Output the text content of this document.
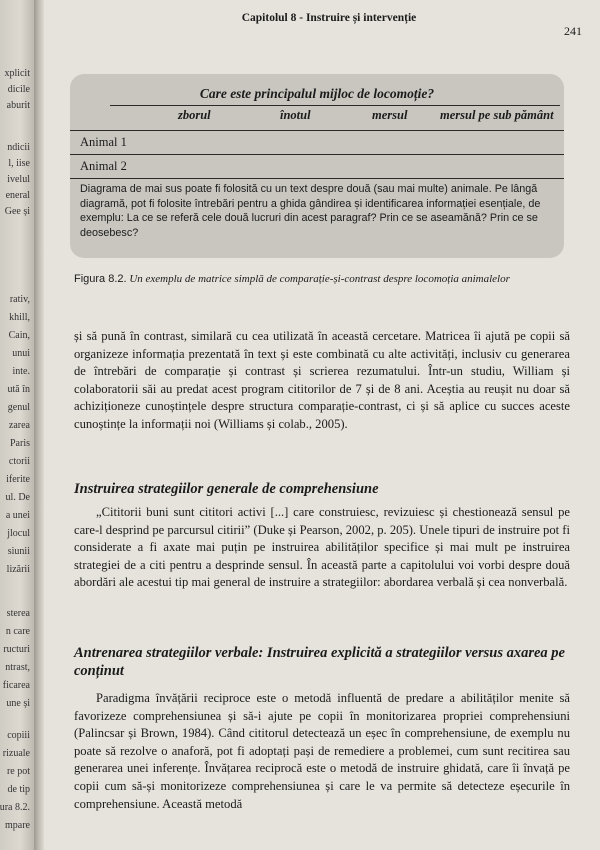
xplicit
dicile
aburit
ndicii
l, iise
ivelul
eneral
Gee și
rativ,
khill,
Cain,
unui
inte.
ută în
genul
zarea
Paris
ctorii
iferite
ul. De
a unei
jlocul
siunii
lizării
sterea
n care
ructuri
ntrast,
ficarea
une și
copiii
rizuale
re pot
de tip
ura 8.2.
mpare
Capitolul 8 - Instruire și intervenție
241
Care este principalul mijloc de locomoție?
zborul	înotul	mersul	mersul pe sub pământ
Animal 1
Animal 2
Diagrama de mai sus poate fi folosită cu un text despre două (sau mai multe) animale. Pe lângă diagramă, pot fi folosite întrebări pentru a ghida gândirea și identificarea informației esențiale, de exemplu: La ce se referă cele două lucruri din acest paragraf? Prin ce se aseamănă? Prin ce se deosebesc?
Figura 8.2. Un exemplu de matrice simplă de comparație-și-contrast despre locomoția animalelor
și să pună în contrast, similară cu cea utilizată în această cercetare. Matricea îi ajută pe copii să organizeze informația prezentată în text și este combinată cu alte activități, inclusiv cu generarea de întrebări de comparație și contrast și scrierea rezumatului. Într-un studiu, William și colaboratorii săi au predat acest program cititorilor de 7 și de 8 ani. Aceștia au reușit nu doar să achiziționeze cunoștințele despre structura comparație-contrast, ci și să aplice cu succes aceste cunoștințe la informații noi (Williams și colab., 2005).
Instruirea strategiilor generale de comprehensiune
„Cititorii buni sunt cititori activi [...] care construiesc, revizuiesc și chestionează sensul pe care-l desprind pe parcursul citirii” (Duke și Pearson, 2002, p. 205). Unele tipuri de instruire pot fi considerate a fi axate mai puțin pe instruirea abilităților specifice și mai mult pe instruirea strategiei de a citi pentru a desprinde sensul. În această parte a capitolului voi vorbi despre două abordări ale acestui tip mai general de instruire a strategiilor: abordarea verbală și cea nonverbală.
Antrenarea strategiilor verbale: Instruirea explicită a strategiilor versus axarea pe conținut
Paradigma învățării reciproce este o metodă influentă de predare a abilităților menite să favorizeze comprehensiunea și să-i ajute pe copii în monitorizarea propriei comprehensiuni (Palincsar și Brown, 1984). Când cititorul detectează un eșec în comprehensiune, de exemplu nu poate să rezolve o anaforă, pot fi adoptați pași de remediere a problemei, cum sunt recitirea sau generarea unei inferențe. Învățarea reciprocă este o metodă de instruire ghidată, care îi învață pe copii cum să-și monitorizeze comprehensiunea și care le va permite să detecteze eșecurile în comprehensiune. Această metodă
